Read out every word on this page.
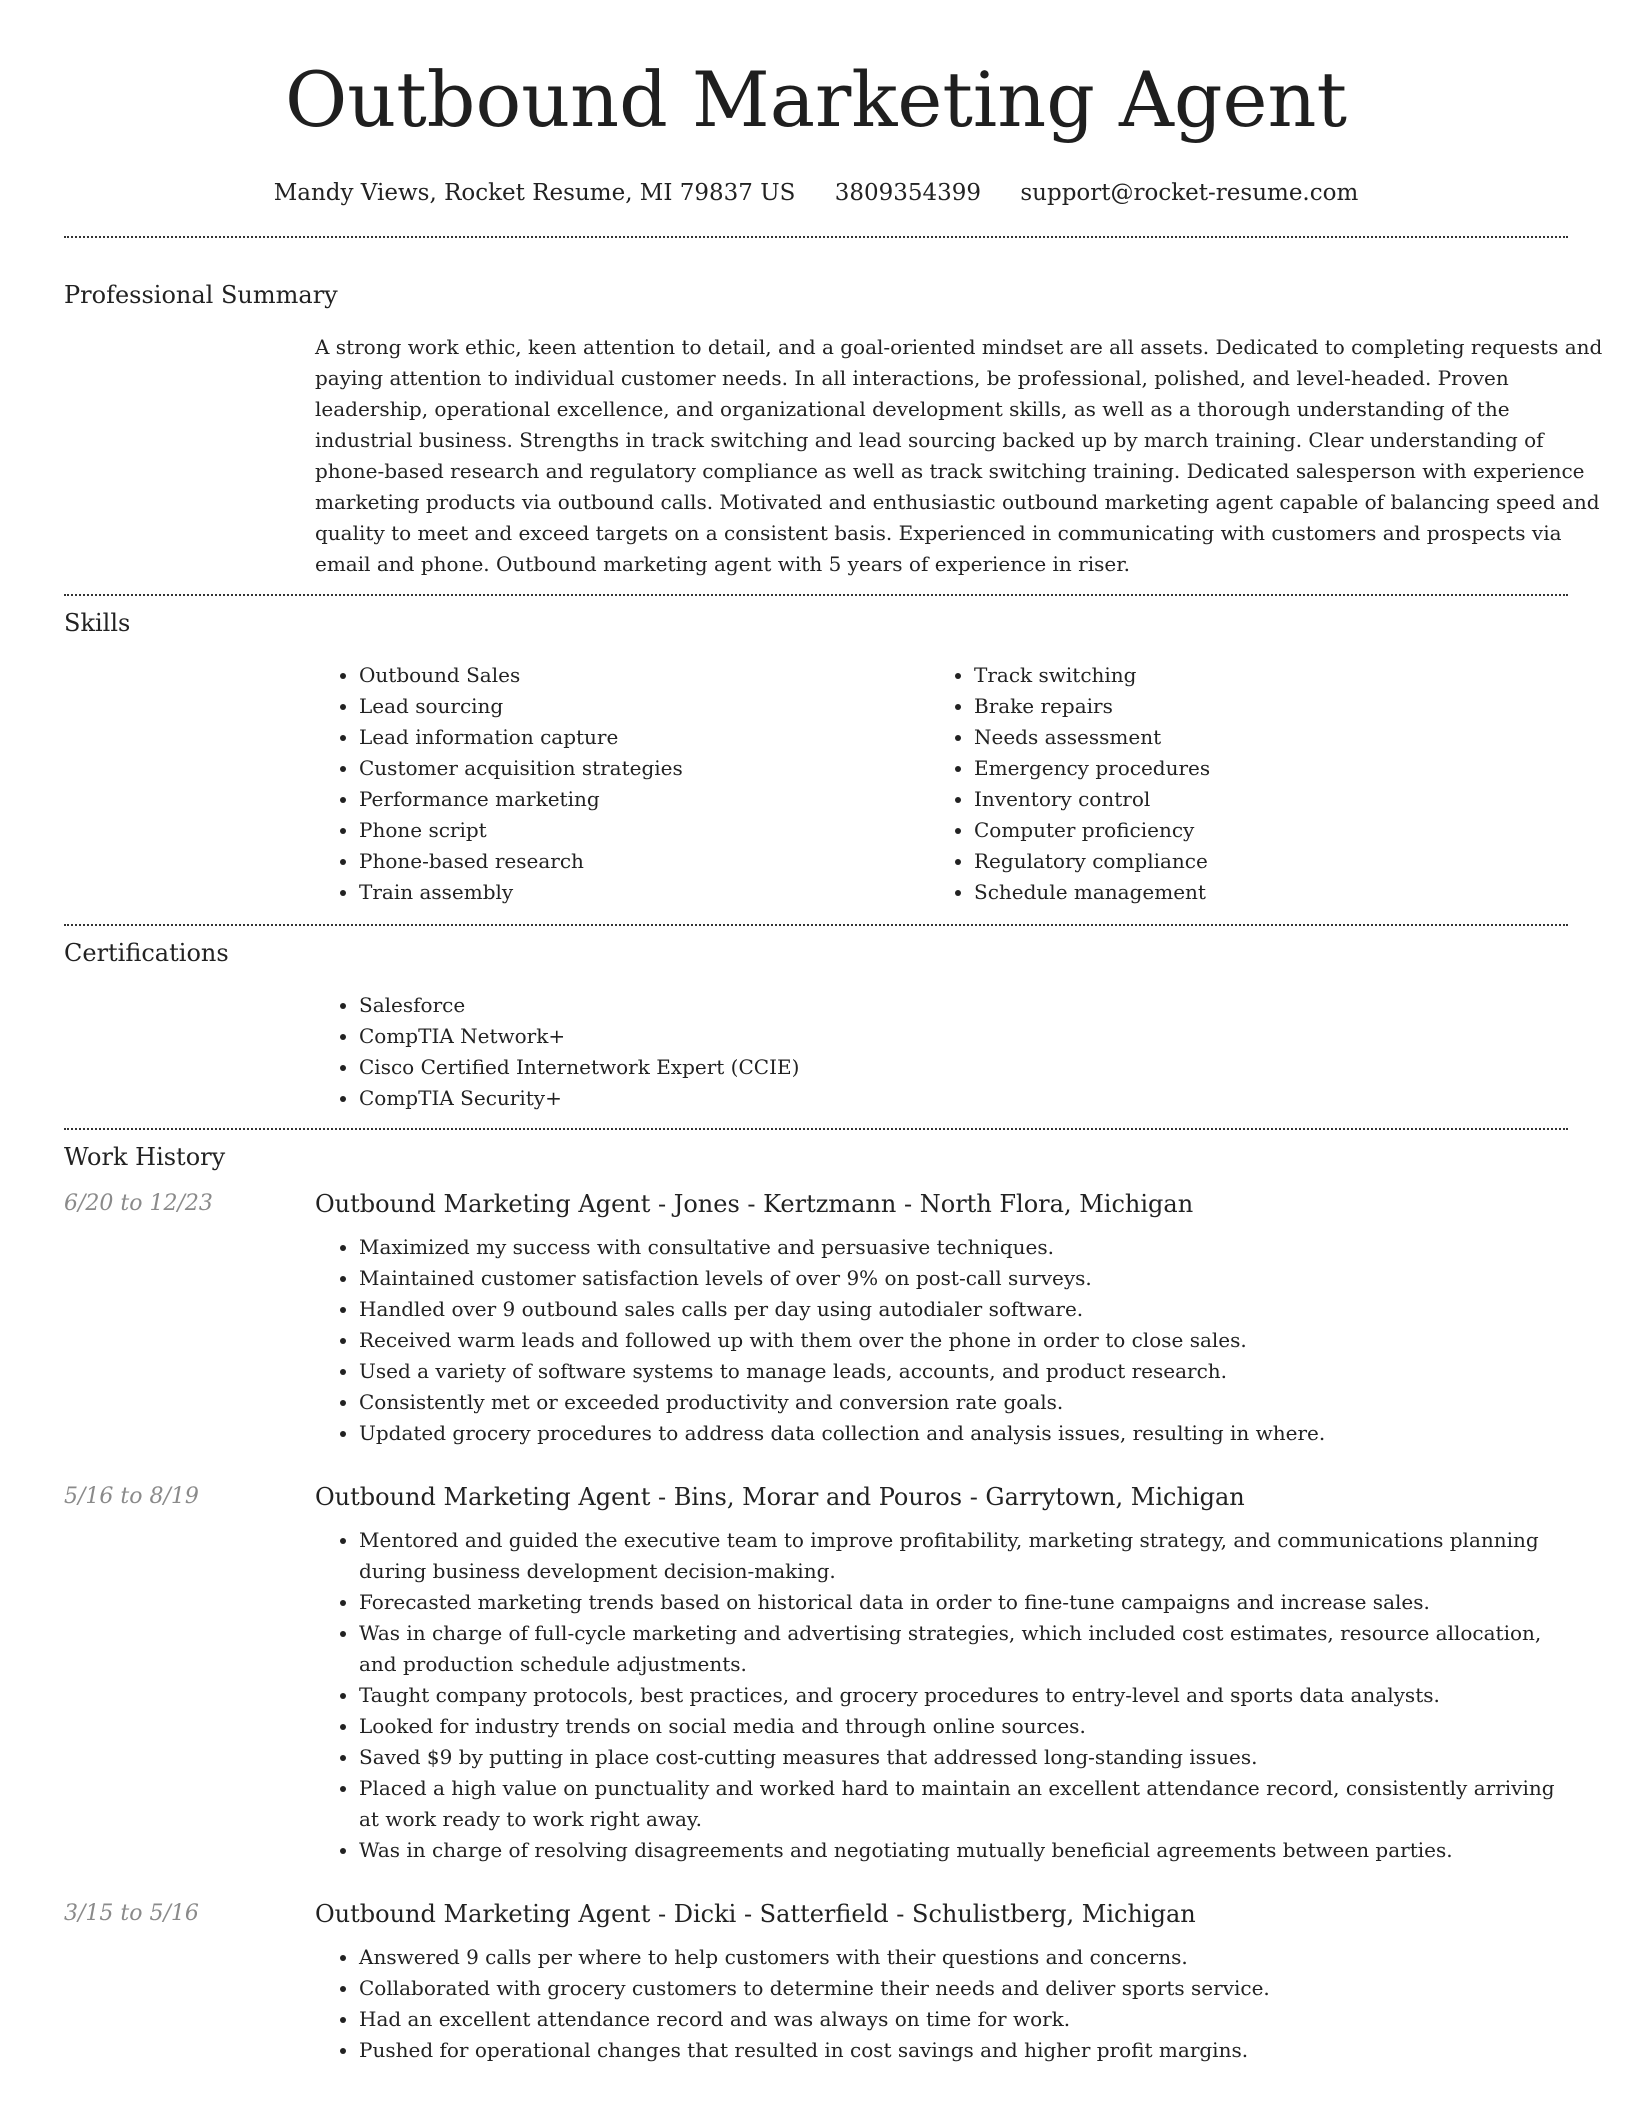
Outbound Marketing Agent
Mandy Views, Rocket Resume, MI 79837 US 3809354399 support@rocket-resume.com
Professional Summary

A strong work ethic, keen attention to detail, and a goal-oriented mindset are all assets. Dedicated to completing requests and paying attention to individual customer needs. In all interactions, be professional, polished, and level-headed. Proven leadership, operational excellence, and organizational development skills, as well as a thorough understanding of the industrial business. Strengths in track switching and lead sourcing backed up by march training. Clear understanding of phone-based research and regulatory compliance as well as track switching training. Dedicated salesperson with experience marketing products via outbound calls. Motivated and enthusiastic outbound marketing agent capable of balancing speed and quality to meet and exceed targets on a consistent basis. Experienced in communicating with customers and prospects via email and phone. Outbound marketing agent with 5 years of experience in riser.

Skills
• Outbound Sales
• Lead sourcing
• Lead information capture
• Customer acquisition strategies
• Performance marketing
• Phone script
• Phone-based research
• Train assembly
• Track switching
• Brake repairs
• Needs assessment
• Emergency procedures
• Inventory control
• Computer proficiency
• Regulatory compliance
• Schedule management
Certifications
• Salesforce
• CompTIA Network+
• Cisco Certified Internetwork Expert (CCIE)
• CompTIA Security+
Work History
6/20 to 12/23	Outbound Marketing Agent - Jones - Kertzmann - North Flora, Michigan
• Maximized my success with consultative and persuasive techniques.
• Maintained customer satisfaction levels of over 9% on post-call surveys.
• Handled over 9 outbound sales calls per day using autodialer software.
• Received warm leads and followed up with them over the phone in order to close sales.
• Used a variety of software systems to manage leads, accounts, and product research.
• Consistently met or exceeded productivity and conversion rate goals.
• Updated grocery procedures to address data collection and analysis issues, resulting in where.
5/16 to 8/19	Outbound Marketing Agent - Bins, Morar and Pouros - Garrytown, Michigan
• Mentored and guided the executive team to improve profitability, marketing strategy, and communications planning during business development decision-making.
• Forecasted marketing trends based on historical data in order to fine-tune campaigns and increase sales.
• Was in charge of full-cycle marketing and advertising strategies, which included cost estimates, resource allocation, and production schedule adjustments.
• Taught company protocols, best practices, and grocery procedures to entry-level and sports data analysts.
• Looked for industry trends on social media and through online sources.
• Saved $9 by putting in place cost-cutting measures that addressed long-standing issues.
• Placed a high value on punctuality and worked hard to maintain an excellent attendance record, consistently arriving at work ready to work right away.
• Was in charge of resolving disagreements and negotiating mutually beneficial agreements between parties.
3/15 to 5/16	Outbound Marketing Agent - Dicki - Satterfield - Schulistberg, Michigan
• Answered 9 calls per where to help customers with their questions and concerns.
• Collaborated with grocery customers to determine their needs and deliver sports service.
• Had an excellent attendance record and was always on time for work.
• Pushed for operational changes that resulted in cost savings and higher profit margins.
